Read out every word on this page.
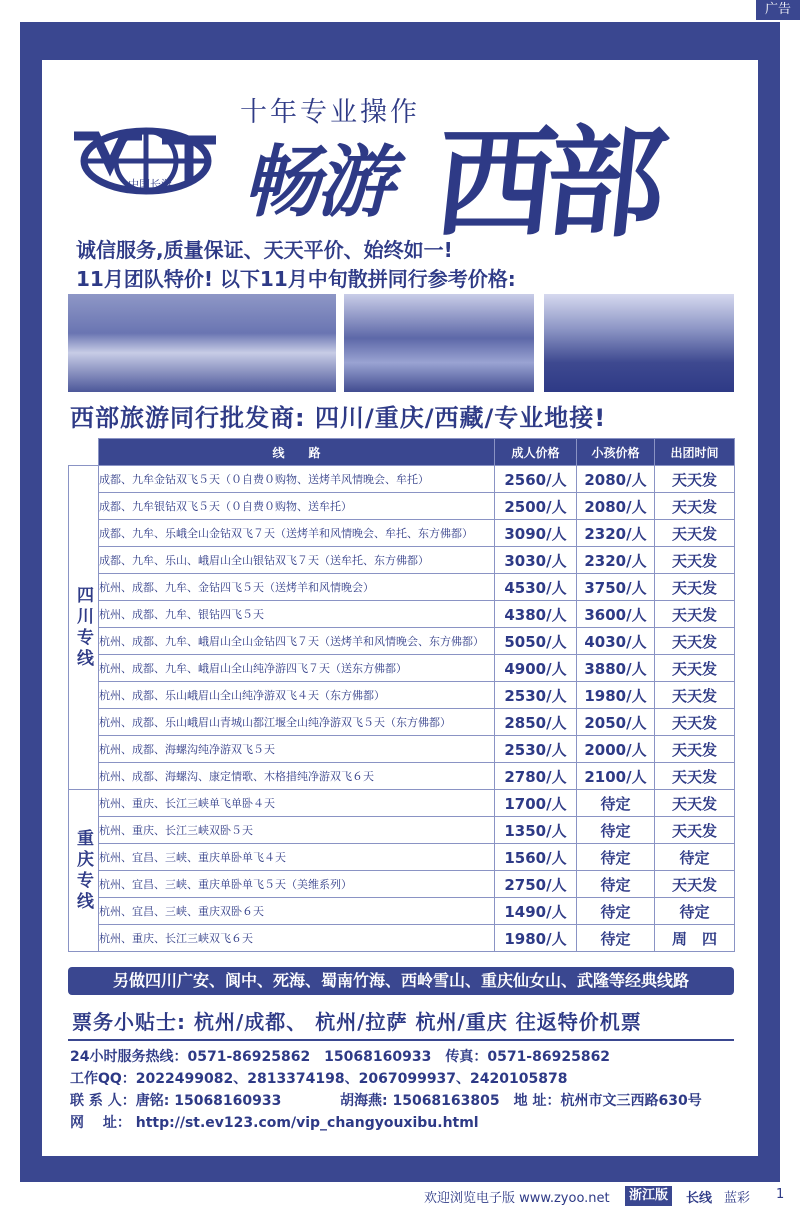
广告
十年专业操作
中国长游 畅游 西部
诚信服务,质量保证、天天平价、始终如一!
11月团队特价! 以下11月中旬散拼同行参考价格:
西部旅游同行批发商: 四川/重庆/西藏/专业地接!
	线　　路	成人价格	小孩价格	出团时间
四川专线	成都、九牟金钻双飞５天（０自费０购物、送烤羊风情晚会、牟托）	2560/人	2080/人	天天发
	成都、九牟银钻双飞５天（０自费０购物、送牟托）	2500/人	2080/人	天天发
	成都、九牟、乐峨全山金钻双飞７天（送烤羊和风情晚会、牟托、东方佛都）	3090/人	2320/人	天天发
	成都、九牟、乐山、峨眉山全山银钻双飞７天（送牟托、东方佛都）	3030/人	2320/人	天天发
	杭州、成都、九牟、金钻四飞５天（送烤羊和风情晚会）	4530/人	3750/人	天天发
	杭州、成都、九牟、银钻四飞５天	4380/人	3600/人	天天发
	杭州、成都、九牟、峨眉山全山金钻四飞７天（送烤羊和风情晚会、东方佛都）	5050/人	4030/人	天天发
	杭州、成都、九牟、峨眉山全山纯净游四飞７天（送东方佛都）	4900/人	3880/人	天天发
	杭州、成都、乐山峨眉山全山纯净游双飞４天（东方佛都）	2530/人	1980/人	天天发
	杭州、成都、乐山峨眉山青城山都江堰全山纯净游双飞５天（东方佛都）	2850/人	2050/人	天天发
	杭州、成都、海螺沟纯净游双飞５天	2530/人	2000/人	天天发
	杭州、成都、海螺沟、康定情歌、木格措纯净游双飞６天	2780/人	2100/人	天天发
重庆专线	杭州、重庆、长江三峡单飞单卧４天	1700/人	待定	天天发
	杭州、重庆、长江三峡双卧５天	1350/人	待定	天天发
	杭州、宜昌、三峡、重庆单卧单飞４天	1560/人	待定	待定
	杭州、宜昌、三峡、重庆单卧单飞５天（美维系列）	2750/人	待定	天天发
	杭州、宜昌、三峡、重庆双卧６天	1490/人	待定	待定
	杭州、重庆、长江三峡双飞６天	1980/人	待定	周　四
另做四川广安、阆中、死海、蜀南竹海、西岭雪山、重庆仙女山、武隆等经典线路
票务小贴士: 杭州/成都、 杭州/拉萨 杭州/重庆 往返特价机票
24小时服务热线：0571-86925862　15068160933　传真：0571-86925862
工作QQ：2022499082、2813374198、2067099937、2420105878
联 系 人：唐铭: 15068160933	胡海燕: 15068163805　地 址：杭州市文三西路630号
网　 址： http://st.ev123.com/vip_changyouxibu.html
欢迎浏览电子版 www.zyoo.net	浙江版	长线 蓝彩 1
